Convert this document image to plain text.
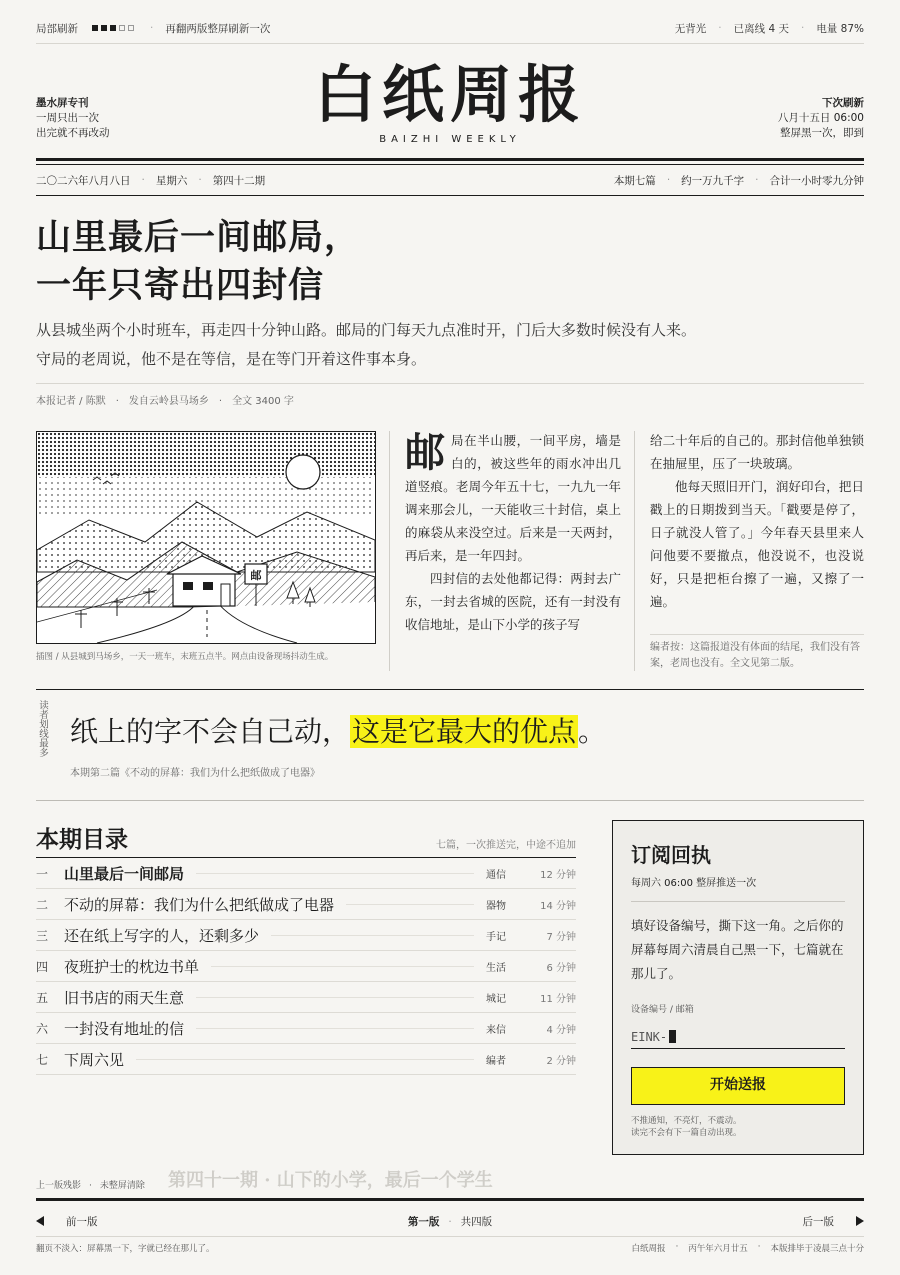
局部刷新	· 再翻两版整屏刷新一次	无背光 · 已离线 4 天 · 电量 87%
墨水屏专刊
一周只出一次
出完就不再改动
白纸周报
BAIZHI WEEKLY
下次刷新
八月十五日 06:00
整屏黑一次，即到
二〇二六年八月八日 · 星期六 · 第四十二期	本期七篇 · 约一万九千字 · 合计一小时零九分钟
山里最后一间邮局，
一年只寄出四封信
从县城坐两个小时班车，再走四十分钟山路。邮局的门每天九点准时开，门后大多数时候没有人来。
守局的老周说，他不是在等信，是在等门开着这件事本身。
本报记者 / 陈默 · 发自云岭县马场乡 · 全文 3400 字
邮
插图 / 从县城到马场乡，一天一班车，末班五点半。网点由设备现场抖动生成。

邮局在半山腰，一间平房，墙是白的，被这些年的雨水冲出几道竖痕。老周今年五十七，一九九一年调来那会儿，一天能收三十封信，桌上的麻袋从来没空过。后来是一天两封，再后来，是一年四封。

四封信的去处他都记得：两封去广东，一封去省城的医院，还有一封没有收信地址，是山下小学的孩子写

给二十年后的自己的。那封信他单独锁在抽屉里，压了一块玻璃。

他每天照旧开门，润好印台，把日戳上的日期拨到当天。「戳要是停了，日子就没人管了。」今年春天县里来人问他要不要撤点，他没说不，也没说好，只是把柜台擦了一遍，又擦了一遍。

编者按：这篇报道没有体面的结尾，我们没有答案，老周也没有。全文见第二版。
读者划线最多 纸上的字不会自己动，这是它最大的优点。
本期第二篇《不动的屏幕：我们为什么把纸做成了电器》
本期目录	七篇，一次推送完，中途不追加
一	山里最后一间邮局	通信	12 分钟
二	不动的屏幕：我们为什么把纸做成了电器	器物	14 分钟
三	还在纸上写字的人，还剩多少	手记	7 分钟
四	夜班护士的枕边书单	生活	6 分钟
五	旧书店的雨天生意	城记	11 分钟
六	一封没有地址的信	来信	4 分钟
七	下周六见	编者	2 分钟
订阅回执
每周六 06:00 整屏推送一次
填好设备编号，撕下这一角。之后你的屏幕每周六清晨自己黑一下，七篇就在那儿了。
设备编号 / 邮箱
EINK-
开始送报
不推通知，不亮灯，不震动。
读完不会有下一篇自动出现。
上一版残影 · 未整屏清除 第四十一期 · 山下的小学，最后一个学生
前一版	第一版 · 共四版	后一版
翻页不淡入：屏幕黑一下，字就已经在那儿了。	白纸周报 · 丙午年六月廿五 · 本版排毕于凌晨三点十分
